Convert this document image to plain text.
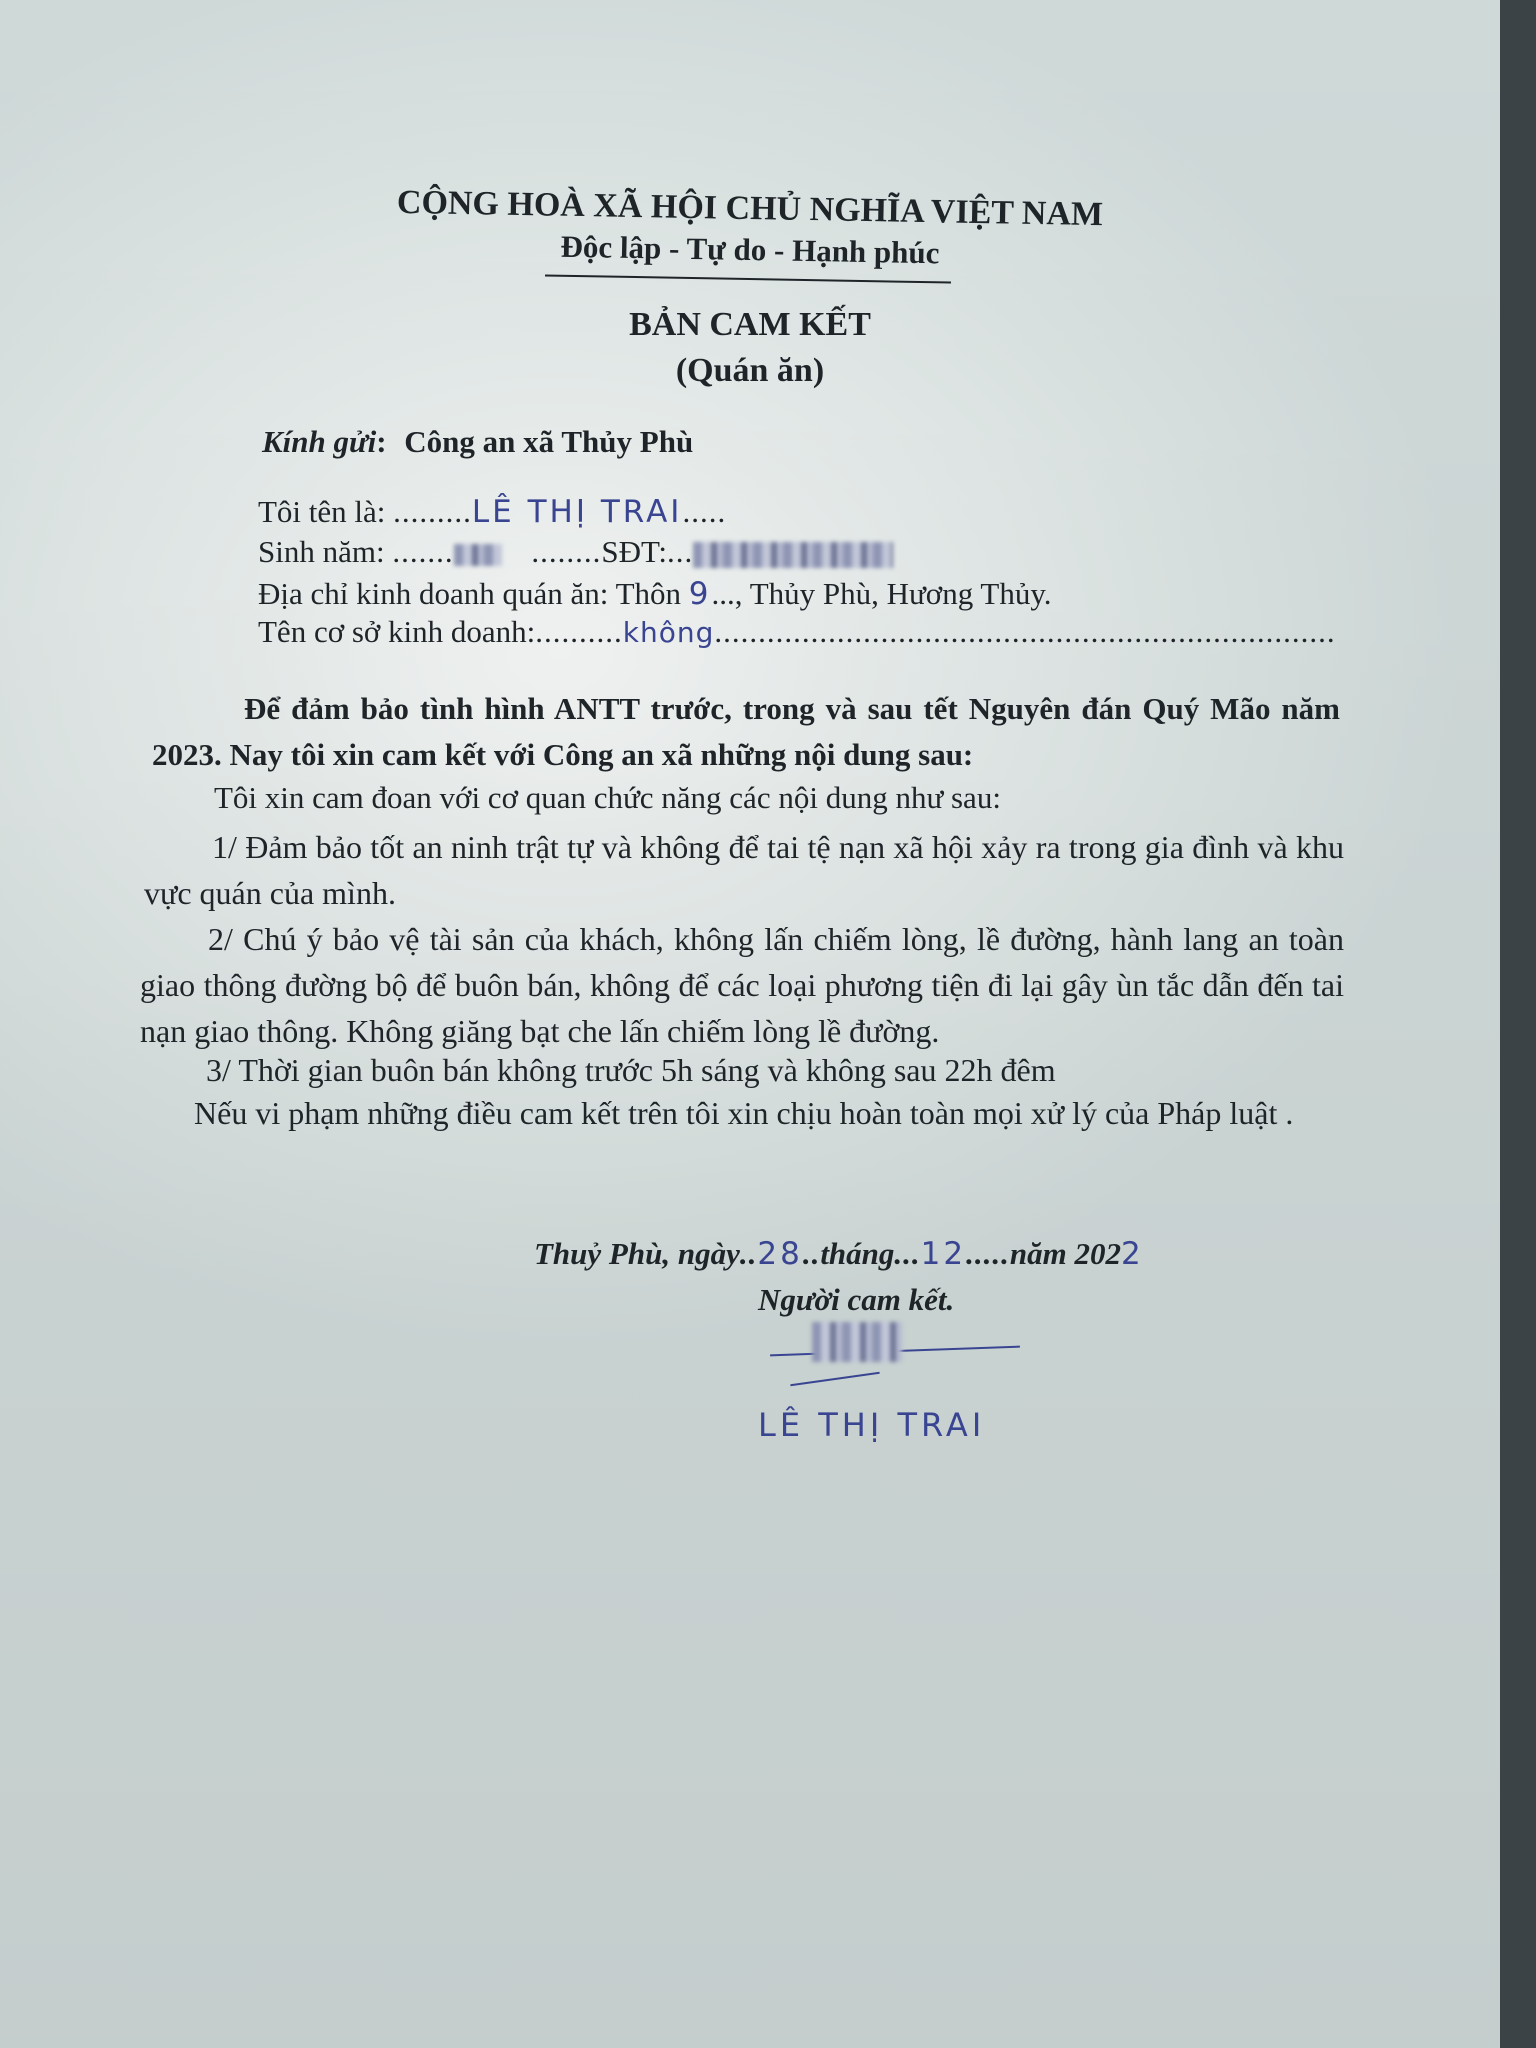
CỘNG HOÀ XÃ HỘI CHỦ NGHĨA VIỆT NAM
Độc lập - Tự do - Hạnh phúc
BẢN CAM KẾT
(Quán ăn)
Kính gửi: Công an xã Thủy Phù
Tôi tên là: .........LÊ THỊ TRAI.....
Sinh năm: .......	........SĐT:...
Địa chỉ kinh doanh quán ăn: Thôn 9..., Thủy Phù, Hương Thủy.
Tên cơ sở kinh doanh:..........không.......................................................................
Để đảm bảo tình hình ANTT trước, trong và sau tết Nguyên đán Quý Mão năm 2023. Nay tôi xin cam kết với Công an xã những nội dung sau:
Tôi xin cam đoan với cơ quan chức năng các nội dung như sau:
1/ Đảm bảo tốt an ninh trật tự và không để tai tệ nạn xã hội xảy ra trong gia đình và khu vực quán của mình.
2/ Chú ý bảo vệ tài sản của khách, không lấn chiếm lòng, lề đường, hành lang an toàn giao thông đường bộ để buôn bán, không để các loại phương tiện đi lại gây ùn tắc dẫn đến tai nạn giao thông. Không giăng bạt che lấn chiếm lòng lề đường.
3/ Thời gian buôn bán không trước 5h sáng và không sau 22h đêm
Nếu vi phạm những điều cam kết trên tôi xin chịu hoàn toàn mọi xử lý của Pháp luật .
Thuỷ Phù, ngày..28..tháng...12.....năm 2022
Người cam kết.
LÊ THỊ TRAI
